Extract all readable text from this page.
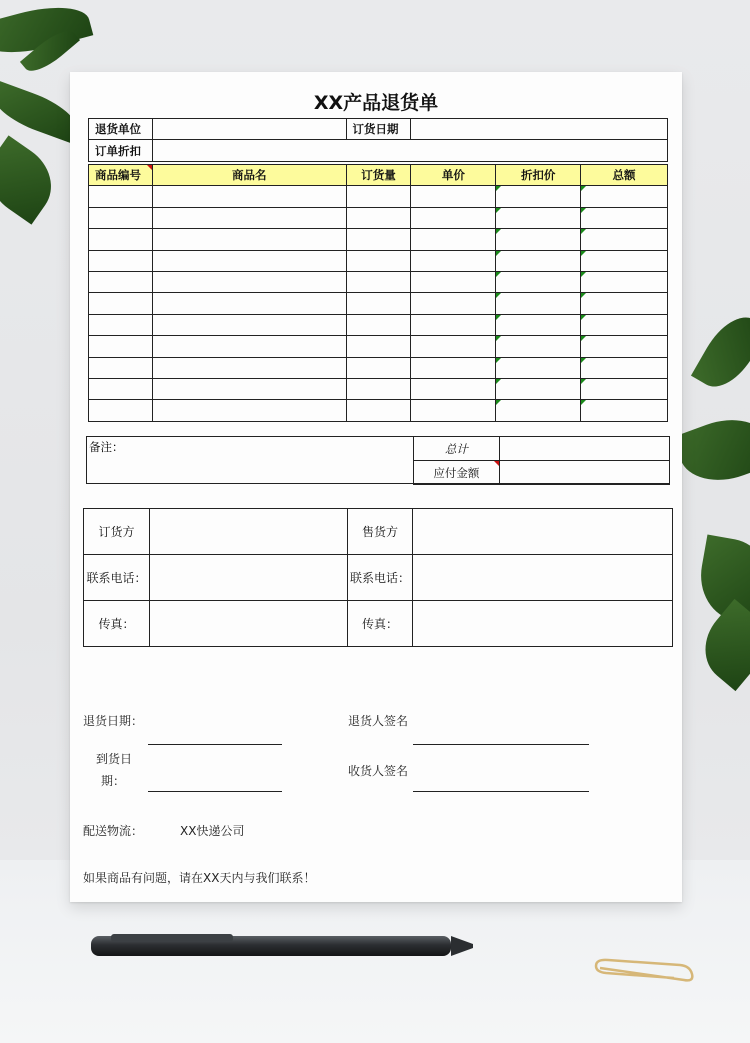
XX产品退货单
退货单位		订货日期	
订单折扣			
商品编号	商品名	订货量	单价	折扣价	总额

备注：	总计	
应付金额	
订货方		售货方	
联系电话：		联系电话：	
传真：		传真：	
退货日期：	退货人签名
到货日
期：
收货人签名
配送物流：	XX快递公司
如果商品有问题，请在XX天内与我们联系！
